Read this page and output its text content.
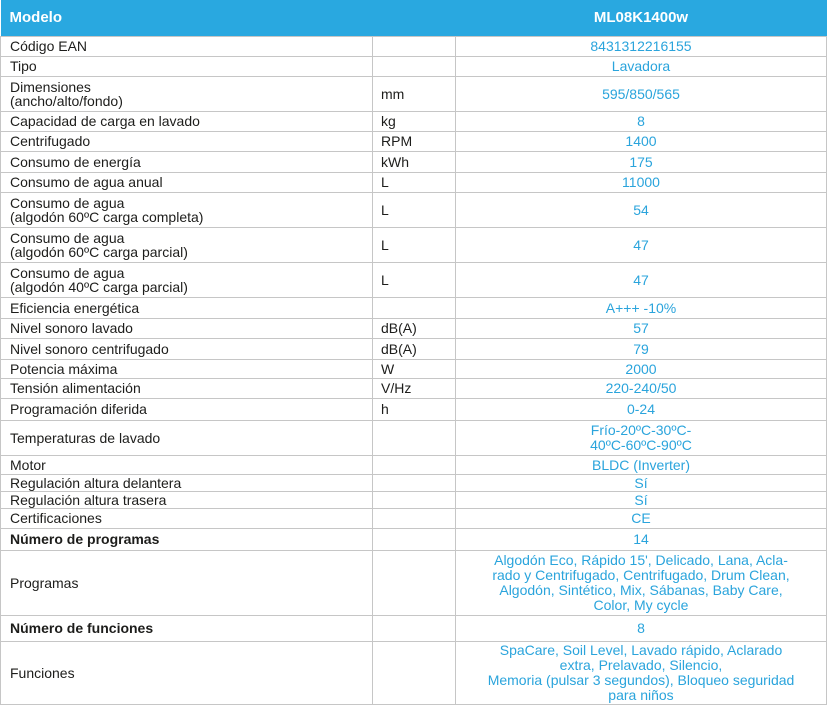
Modelo		ML08K1400w
Código EAN		8431312216155
Tipo		Lavadora
Dimensiones
(ancho/alto/fondo)	mm	595/850/565
Capacidad de carga en lavado	kg	8
Centrifugado	RPM	1400
Consumo de energía	kWh	175
Consumo de agua anual	L	11000
Consumo de agua
(algodón 60ºC carga completa)	L	54
Consumo de agua
(algodón 60ºC carga parcial)	L	47
Consumo de agua
(algodón 40ºC carga parcial)	L	47
Eficiencia energética		A+++ -10%
Nivel sonoro lavado	dB(A)	57
Nivel sonoro centrifugado	dB(A)	79
Potencia máxima	W	2000
Tensión alimentación	V/Hz	220-240/50
Programación diferida	h	0-24
Temperaturas de lavado		Frío-20ºC-30ºC-
40ºC-60ºC-90ºC
Motor		BLDC (Inverter)
Regulación altura delantera		Sí
Regulación altura trasera		Sí
Certificaciones		CE
Número de programas		14
Programas		Algodón Eco, Rápido 15', Delicado, Lana, Acla-
rado y Centrifugado, Centrifugado, Drum Clean,
Algodón, Sintético, Mix, Sábanas, Baby Care,
Color, My cycle
Número de funciones		8
Funciones		SpaCare, Soil Level, Lavado rápido, Aclarado
extra, Prelavado, Silencio,
Memoria (pulsar 3 segundos), Bloqueo seguridad
para niños
